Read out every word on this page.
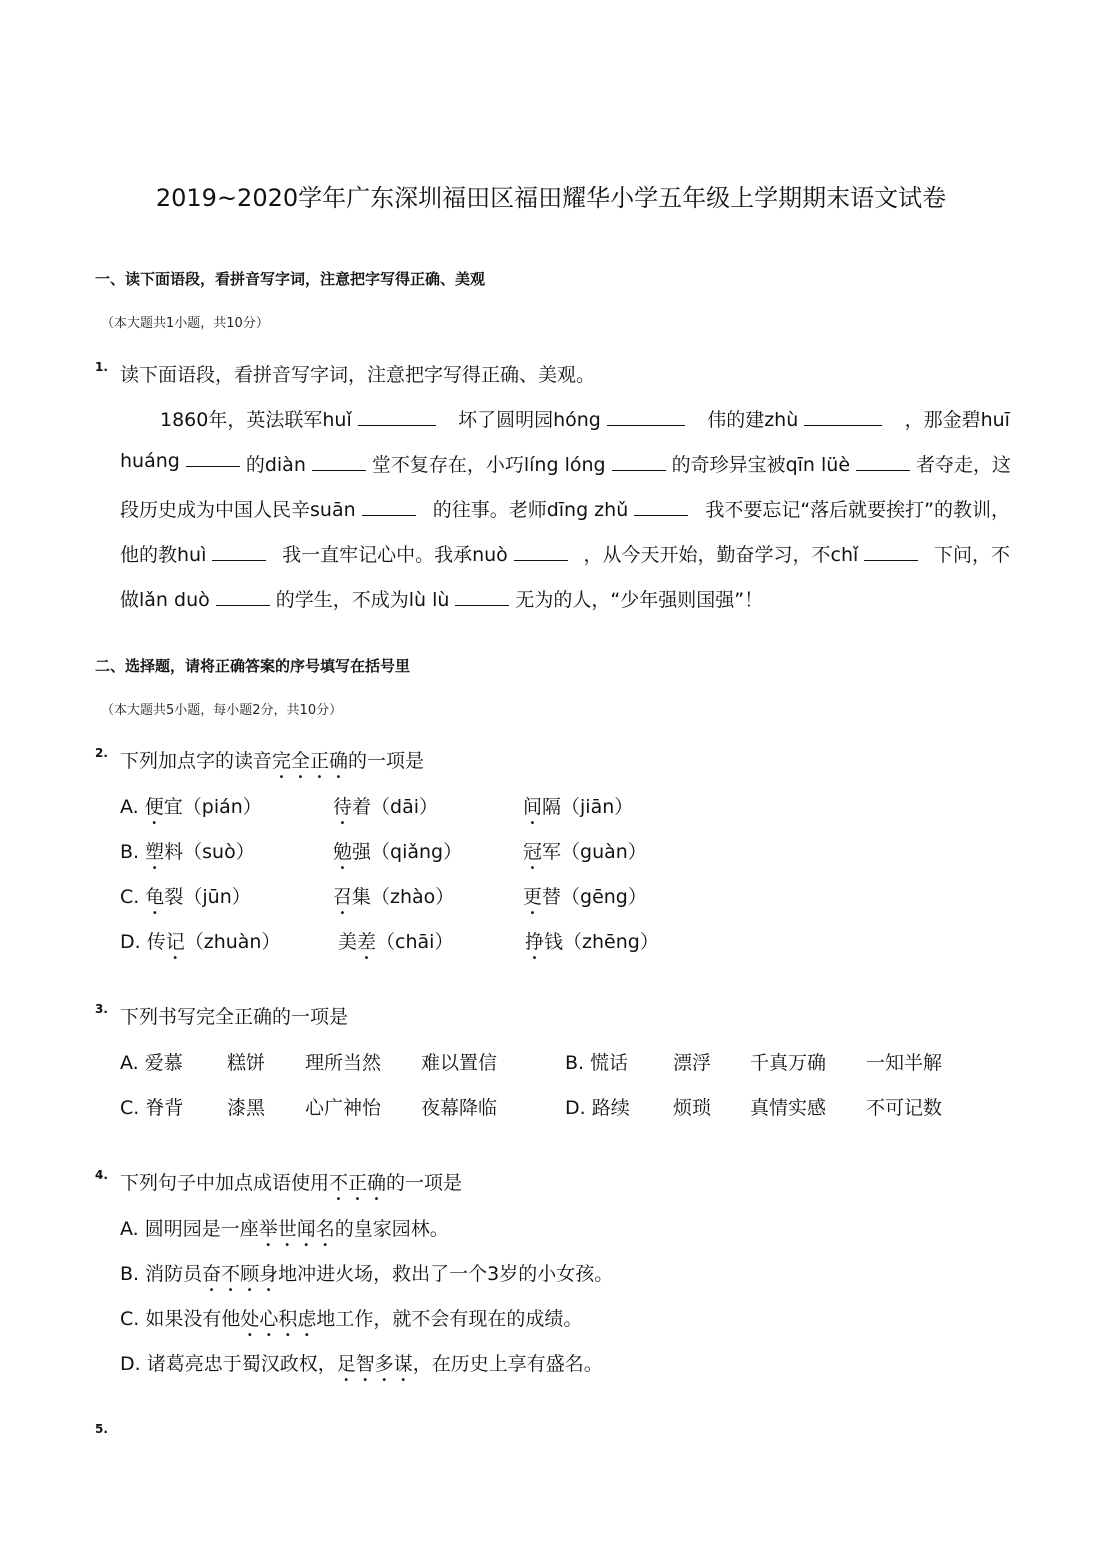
2019~2020学年广东深圳福田区福田耀华小学五年级上学期期末语文试卷
一、读下面语段，看拼音写字词，注意把字写得正确、美观
（本大题共1小题，共10分）
1. 读下面语段，看拼音写字词，注意把字写得正确、美观。
1860年，英法联军huǐ	坏了圆明园hóng	伟的建zhù	，那金碧huī
huáng	的diàn	堂不复存在，小巧líng lóng	的奇珍异宝被qīn lüè	者夺走，这
段历史成为中国人民辛suān	的往事。老师dīng zhǔ	我不要忘记“落后就要挨打”的教训，
他的教huì	我一直牢记心中。我承nuò	，从今天开始，勤奋学习，不chǐ	下问，不
做lǎn duò	的学生，不成为lù lù	无为的人，“少年强则国强”！
二、选择题，请将正确答案的序号填写在括号里
（本大题共5小题，每小题2分，共10分）
2. 下列加点字的读音完全正确的一项是
A. 便宜（pián）	待着（dāi）	间隔（jiān）
B. 塑料（suò）	勉强（qiǎng）	冠军（guàn）
C. 龟裂（jūn）	召集（zhào）	更替（gēng）
D. 传记（zhuàn）	美差（chāi）	挣钱（zhēng）
3. 下列书写完全正确的一项是
A. 爱慕 糕饼 理所当然 难以置信	B. 慌话 漂浮 千真万确 一知半解
C. 脊背 漆黑 心广神怡 夜幕降临	D. 路续 烦琐 真情实感 不可记数
4. 下列句子中加点成语使用不正确的一项是
A. 圆明园是一座举世闻名的皇家园林。
B. 消防员奋不顾身地冲进火场，救出了一个3岁的小女孩。
C. 如果没有他处心积虑地工作，就不会有现在的成绩。
D. 诸葛亮忠于蜀汉政权，足智多谋，在历史上享有盛名。
5.
